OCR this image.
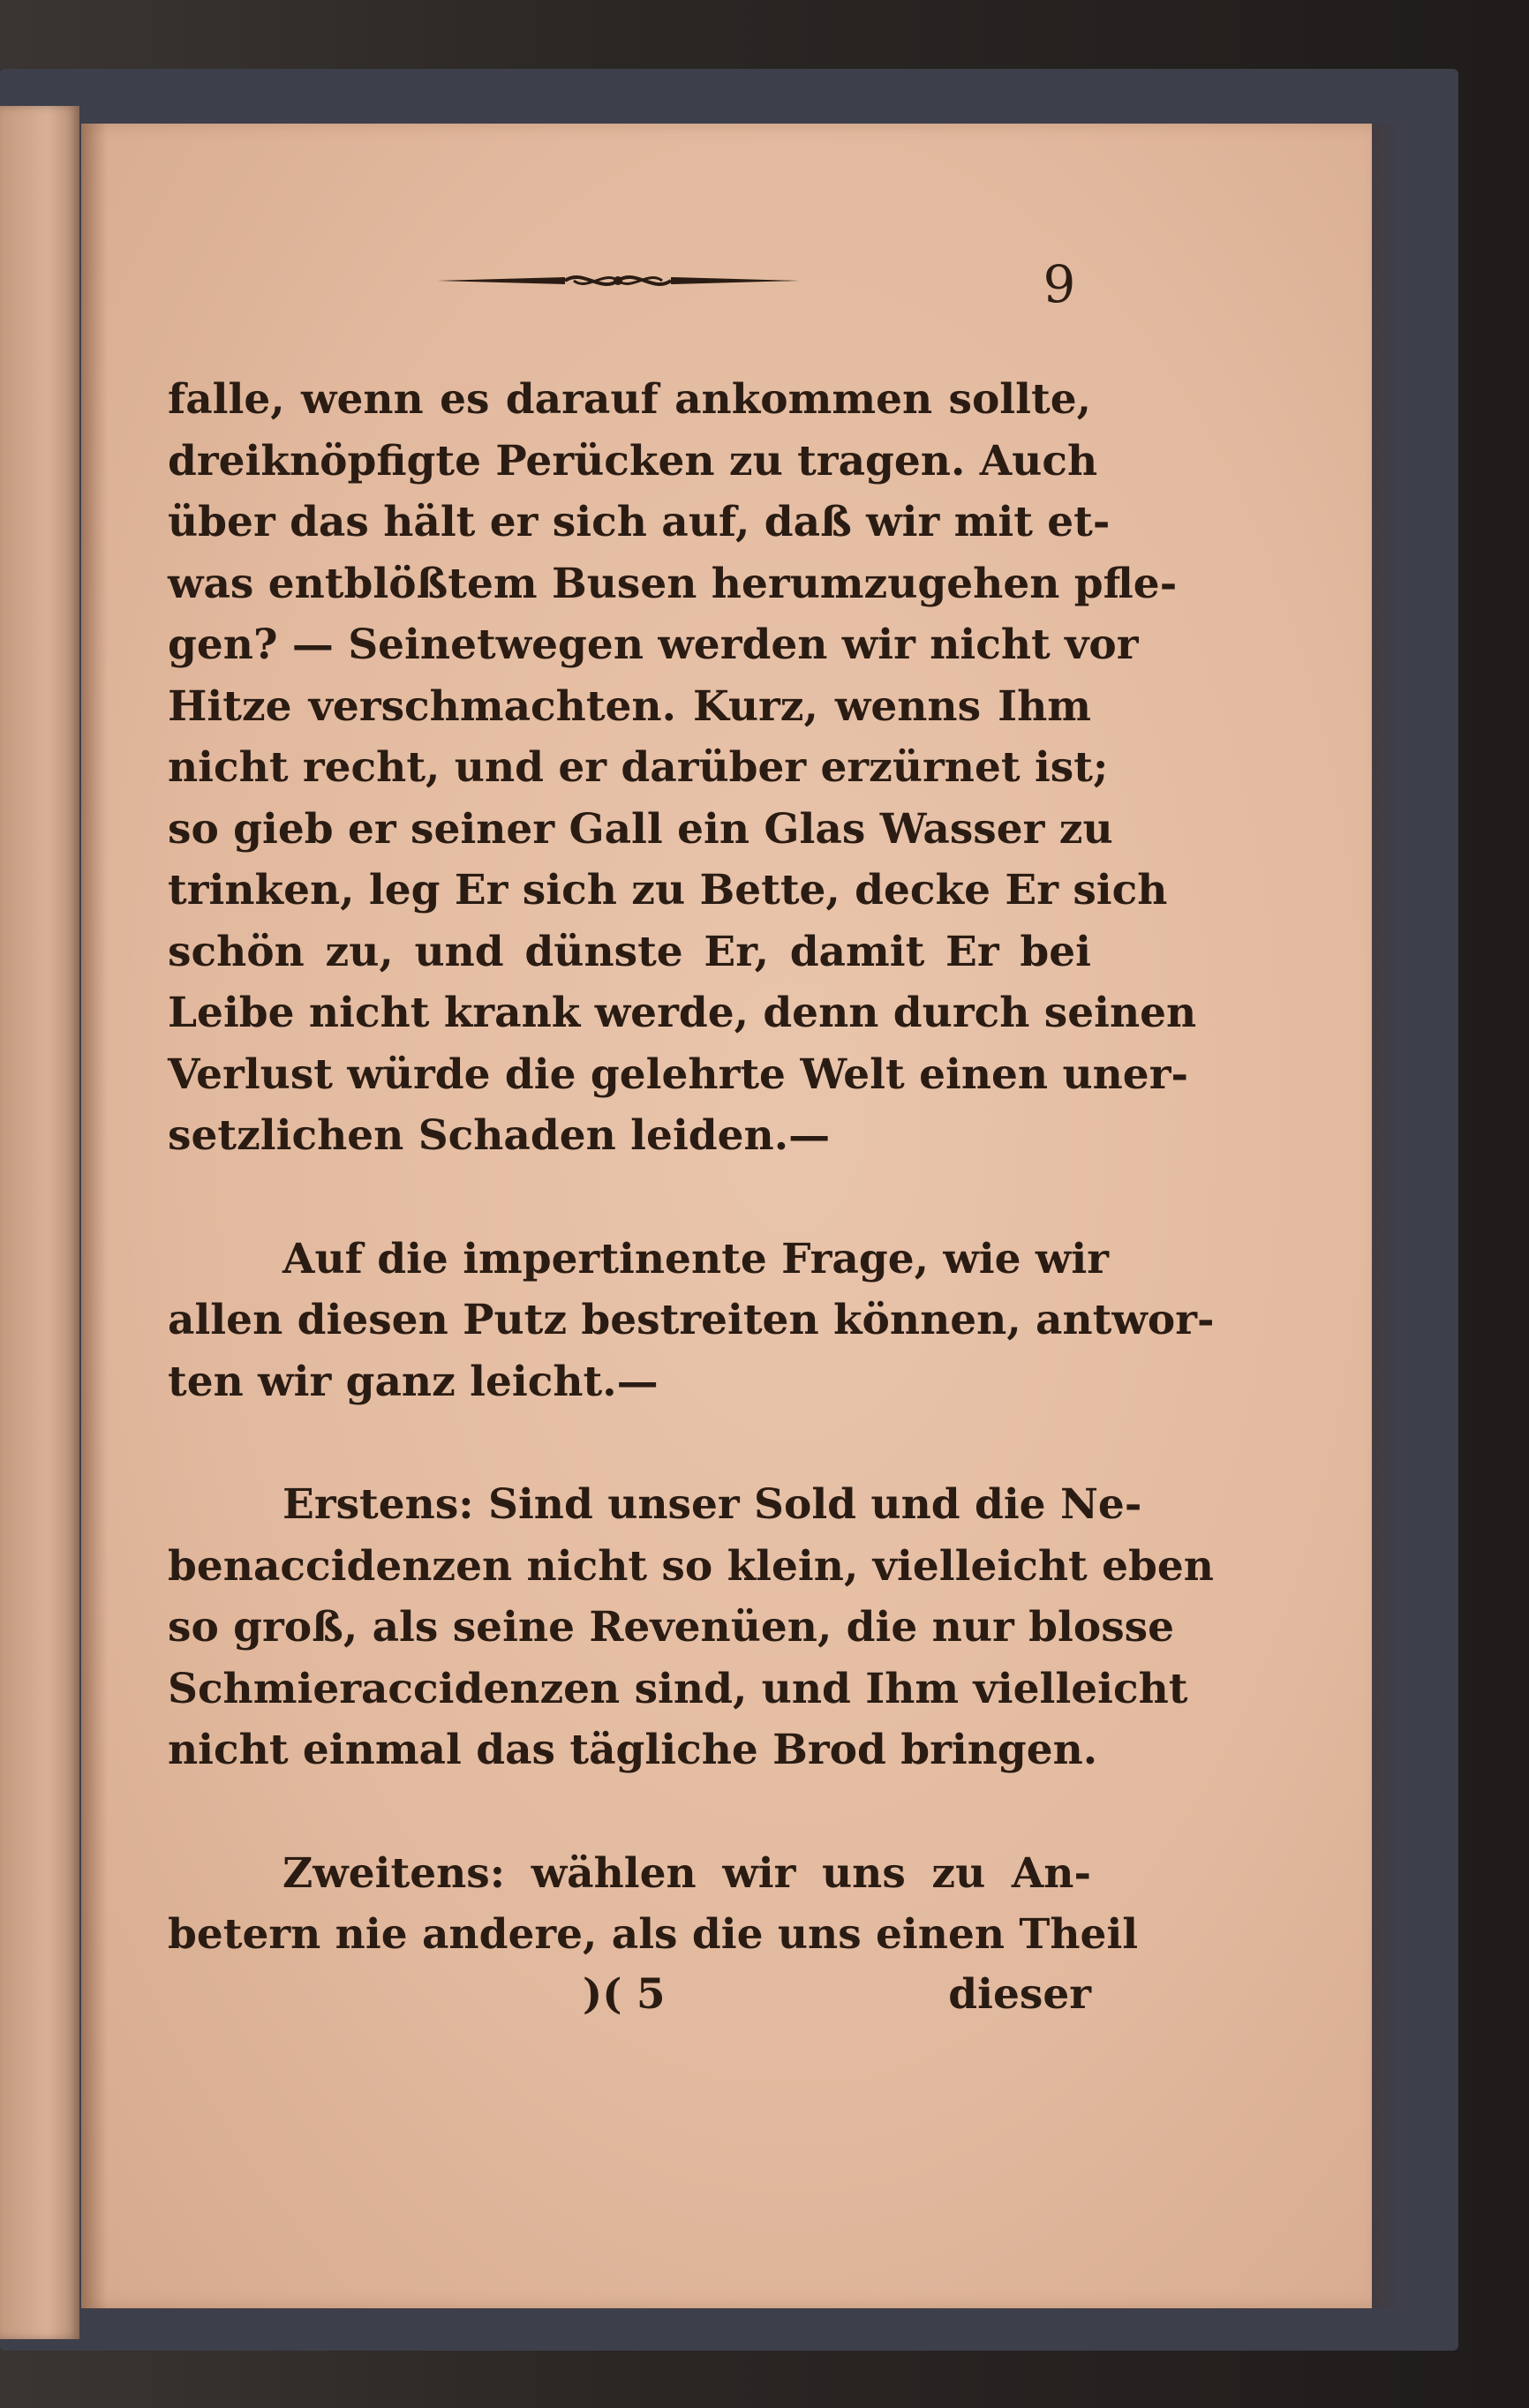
9
falle, wenn es darauf ankommen sollte,
dreiknöpfigte Perücken zu tragen. Auch
über das hält er sich auf, daß wir mit et-
was entblößtem Busen herumzugehen pfle-
gen? — Seinetwegen werden wir nicht vor
Hitze verschmachten. Kurz, wenns Ihm
nicht recht, und er darüber erzürnet ist;
so gieb er seiner Gall ein Glas Wasser zu
trinken, leg Er sich zu Bette, decke Er sich
schön zu, und dünste Er, damit Er bei
Leibe nicht krank werde, denn durch seinen
Verlust würde die gelehrte Welt einen uner-
setzlichen Schaden leiden.—
Auf die impertinente Frage, wie wir
allen diesen Putz bestreiten können, antwor-
ten wir ganz leicht.—
Erstens: Sind unser Sold und die Ne-
benaccidenzen nicht so klein, vielleicht eben
so groß, als seine Revenüen, die nur blosse
Schmieraccidenzen sind, und Ihm vielleicht
nicht einmal das tägliche Brod bringen.
Zweitens: wählen wir uns zu An-
betern nie andere, als die uns einen Theil
)( 5	dieser
